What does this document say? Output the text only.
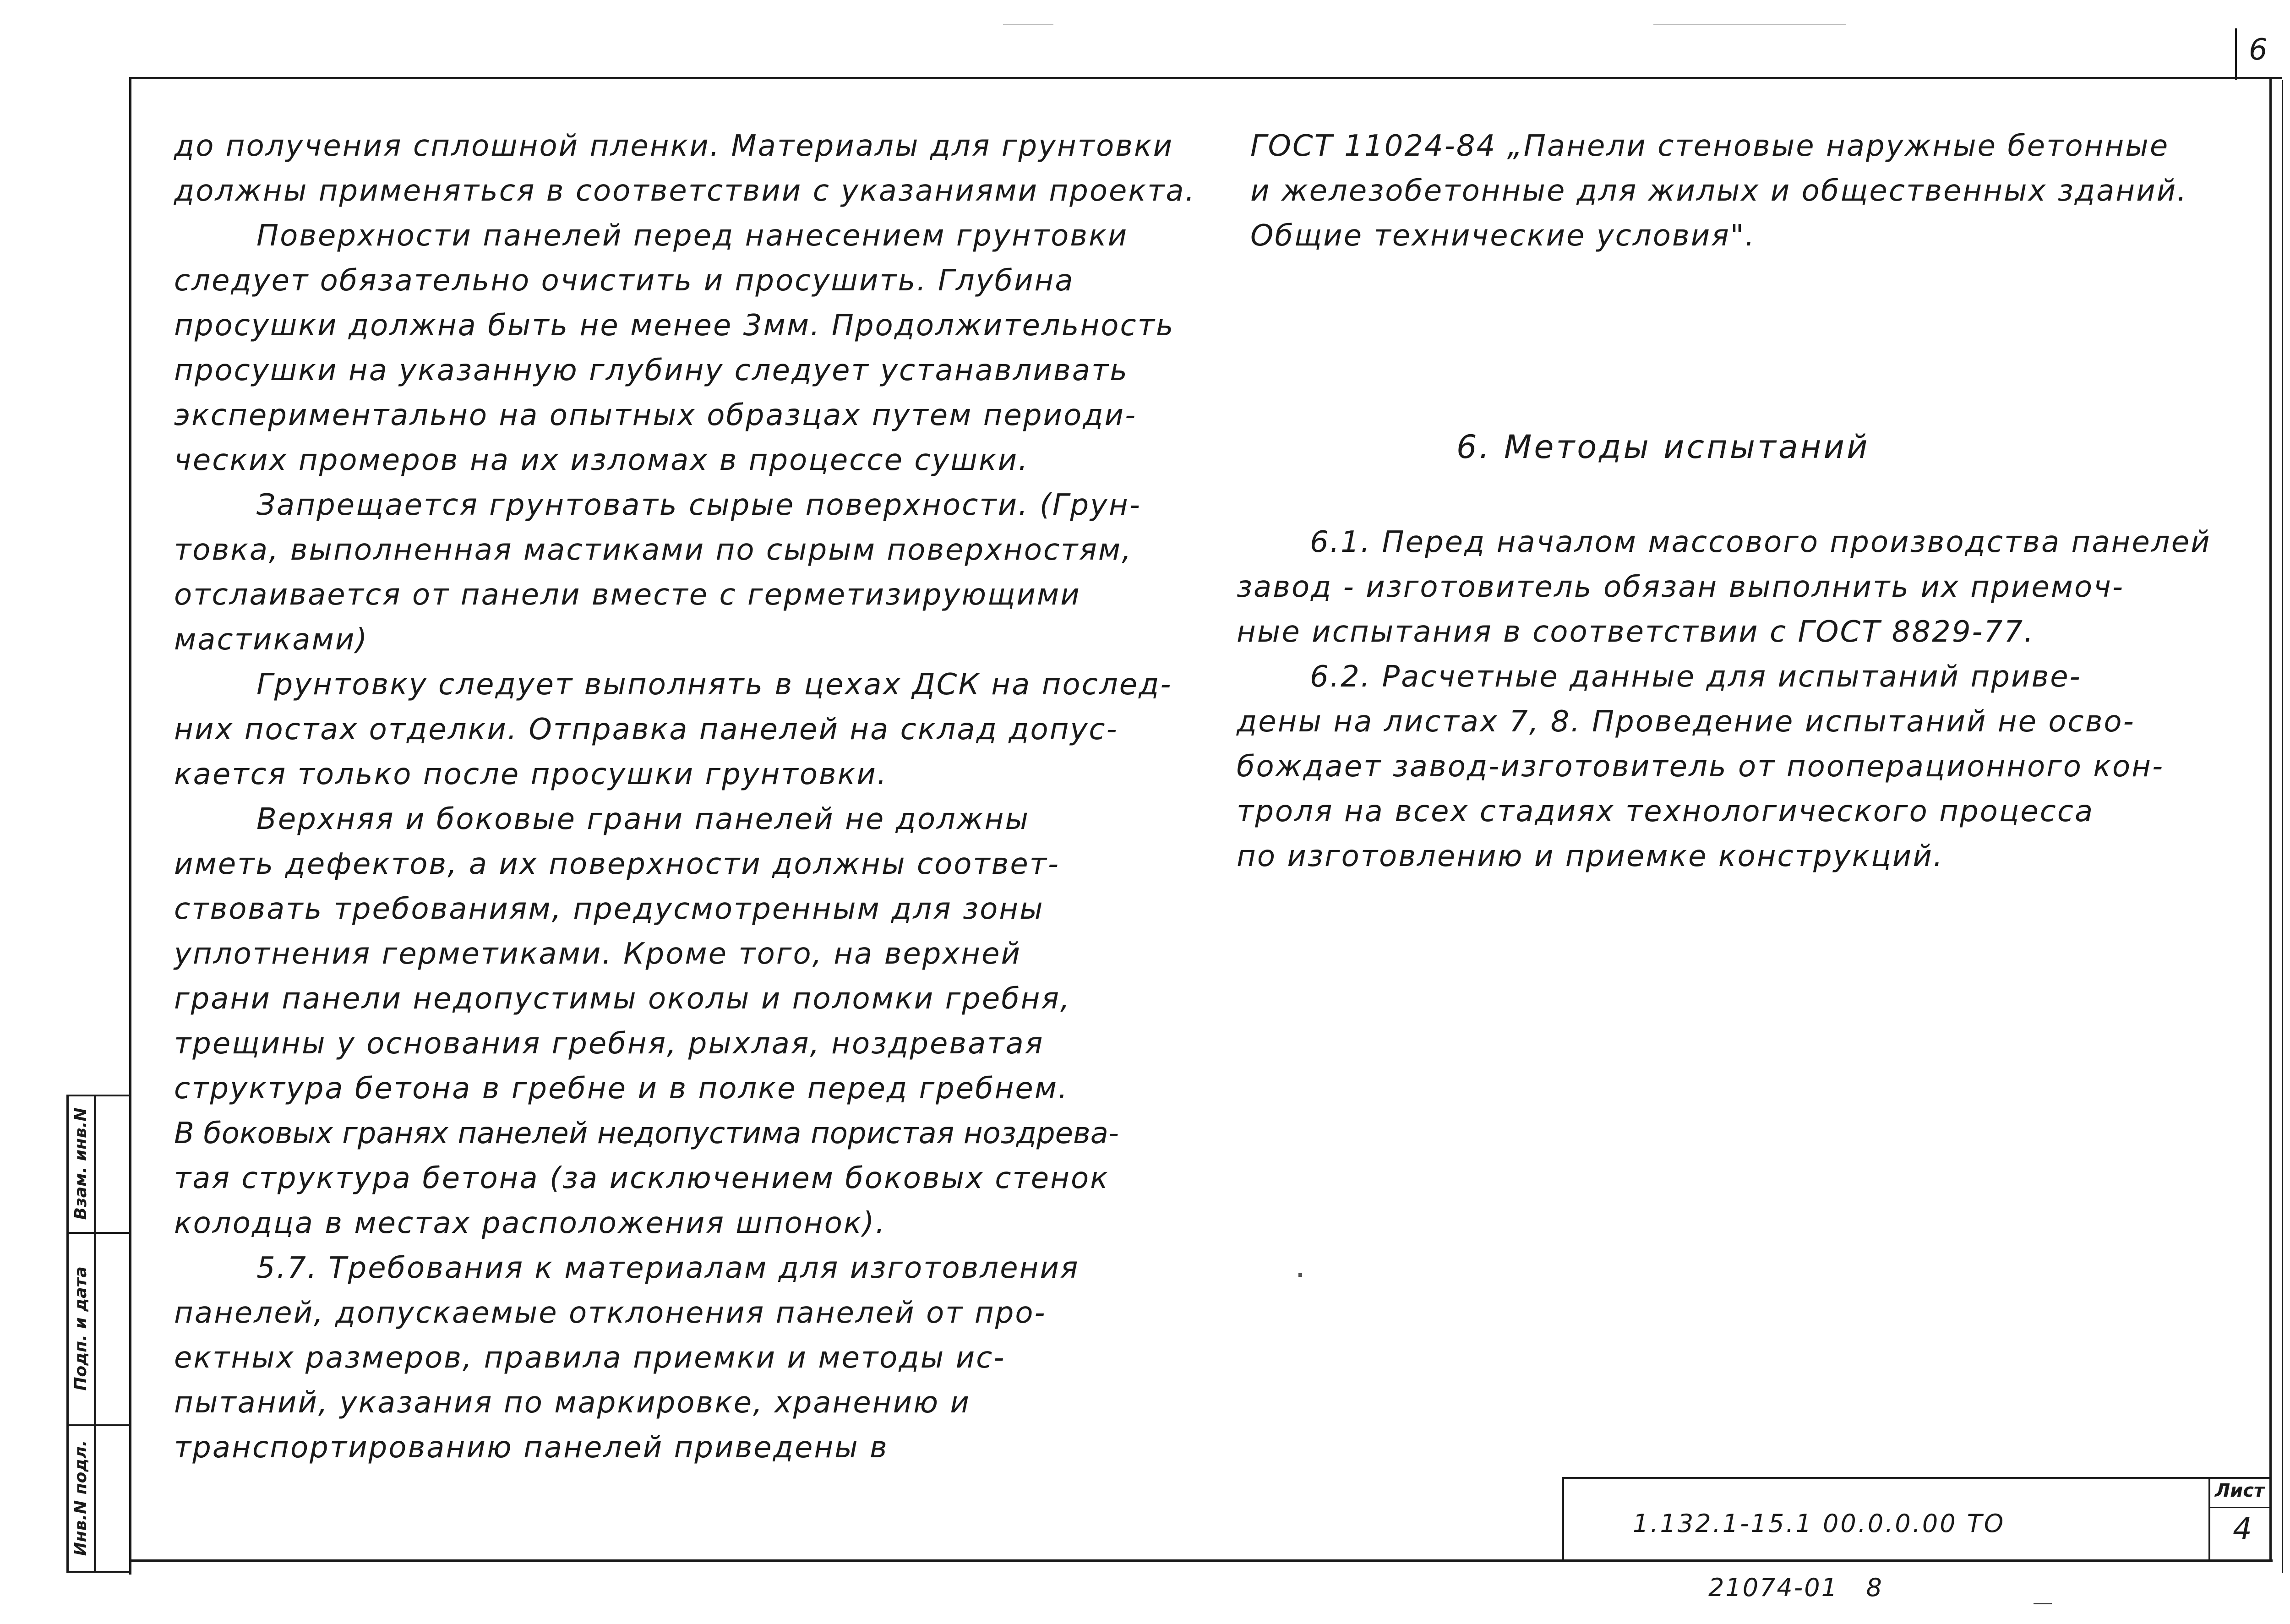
6
Инв.N подл.
Подп. и дата
Взам. инв.N
до получения сплошной пленки. Материалы для грунтовки
должны применяться в соответствии с указаниями проекта.
Поверхности панелей перед нанесением грунтовки
следует обязательно очистить и просушить. Глубина
просушки должна быть не менее 3мм. Продолжительность
просушки на указанную глубину следует устанавливать
экспериментально на опытных образцах путем периоди-
ческих промеров на их изломах в процессе сушки.
Запрещается грунтовать сырые поверхности. (Грун-
товка, выполненная мастиками по сырым поверхностям,
отслаивается от панели вместе с герметизирующими
мастиками)
Грунтовку следует выполнять в цехах ДСК на послед-
них постах отделки. Отправка панелей на склад допус-
кается только после просушки грунтовки.
Верхняя и боковые грани панелей не должны
иметь дефектов, а их поверхности должны соответ-
ствовать требованиям, предусмотренным для зоны
уплотнения герметиками. Кроме того, на верхней
грани панели недопустимы околы и поломки гребня,
трещины у основания гребня, рыхлая, ноздреватая
структура бетона в гребне и в полке перед гребнем.
В боковых гранях панелей недопустима пористая ноздрева-
тая структура бетона (за исключением боковых стенок
колодца в местах расположения шпонок).
5.7. Требования к материалам для изготовления
панелей, допускаемые отклонения панелей от про-
ектных размеров, правила приемки и методы ис-
пытаний, указания по маркировке, хранению и
транспортированию панелей приведены в
ГОСТ 11024-84 „Панели стеновые наружные бетонные
и железобетонные для жилых и общественных зданий.
Общие технические условия".
6. Методы испытаний
6.1. Перед началом массового производства панелей
завод - изготовитель обязан выполнить их приемоч-
ные испытания в соответствии с ГОСТ 8829-77.
6.2. Расчетные данные для испытаний приве-
дены на листах 7, 8. Проведение испытаний не осво-
бождает завод-изготовитель от пооперационного кон-
троля на всех стадиях технологического процесса
по изготовлению и приемке конструкций.
1.132.1-15.1 00.0.0.00 ТО
Лист
4
21074-01   8
